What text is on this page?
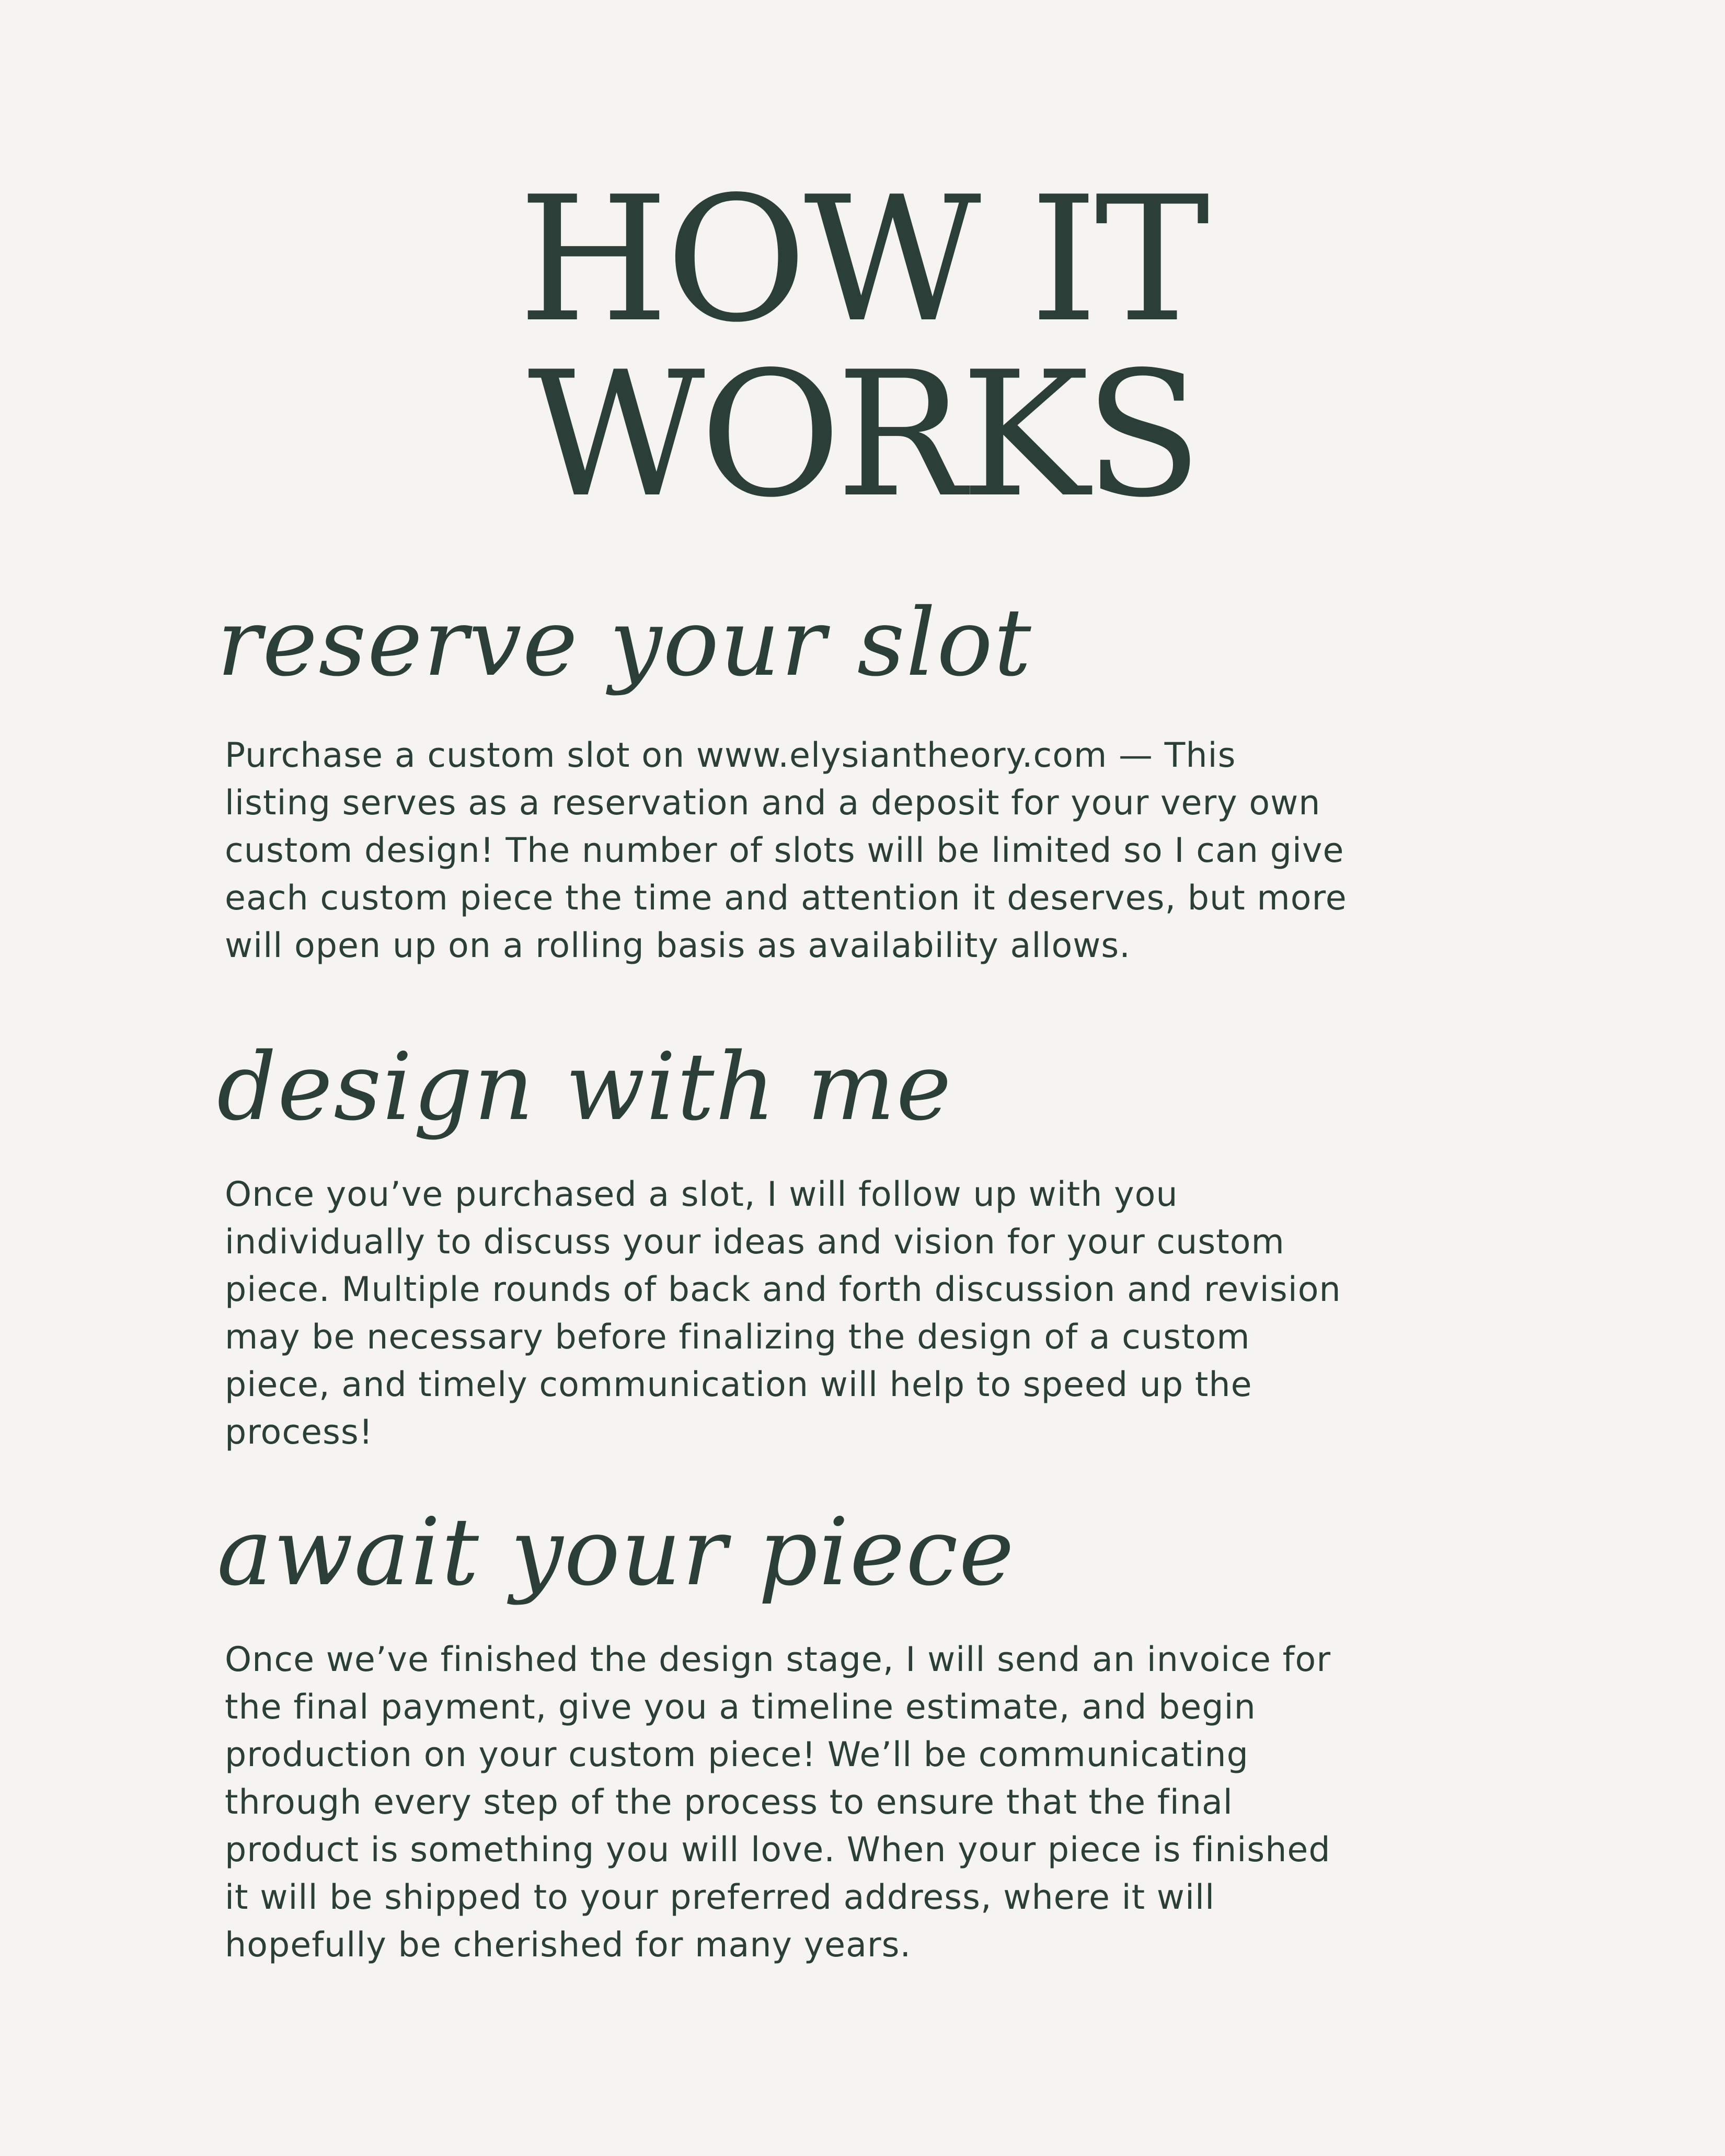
HOW IT
WORKS
reserve your slot

Purchase a custom slot on www.elysiantheory.com — This
listing serves as a reservation and a deposit for your very own
custom design! The number of slots will be limited so I can give
each custom piece the time and attention it deserves, but more
will open up on a rolling basis as availability allows.

design with me

Once you’ve purchased a slot, I will follow up with you
individually to discuss your ideas and vision for your custom
piece. Multiple rounds of back and forth discussion and revision
may be necessary before finalizing the design of a custom
piece, and timely communication will help to speed up the
process!

await your piece

Once we’ve finished the design stage, I will send an invoice for
the final payment, give you a timeline estimate, and begin
production on your custom piece! We’ll be communicating
through every step of the process to ensure that the final
product is something you will love. When your piece is finished
it will be shipped to your preferred address, where it will
hopefully be cherished for many years.
